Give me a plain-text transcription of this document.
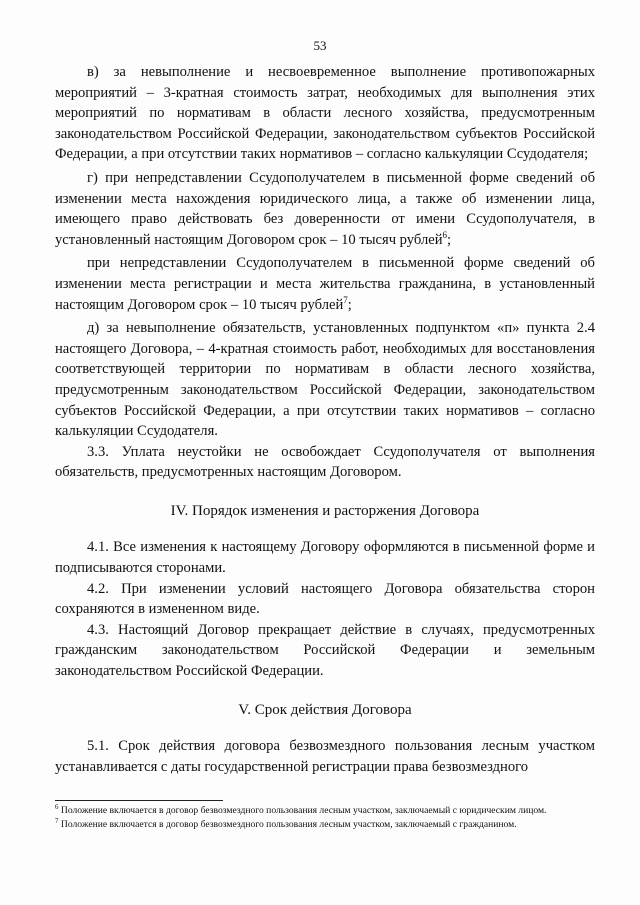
53

в) за невыполнение и несвоевременное выполнение противопожарных мероприятий – 3-кратная стоимость затрат, необходимых для выполнения этих мероприятий по нормативам в области лесного хозяйства, предусмотренным законодательством Российской Федерации, законодательством субъектов Российской Федерации, а при отсутствии таких нормативов – согласно калькуляции Ссудодателя;

г) при непредставлении Ссудополучателем в письменной форме сведений об изменении места нахождения юридического лица, а также об изменении лица, имеющего право действовать без доверенности от имени Ссудополучателя, в установленный настоящим Договором срок – 10 тысяч рублей$^6$;

при непредставлении Ссудополучателем в письменной форме сведений об изменении места регистрации и места жительства гражданина, в установленный настоящим Договором срок – 10 тысяч рублей$^7$;

д) за невыполнение обязательств, установленных подпунктом «п» пункта 2.4 настоящего Договора, – 4-кратная стоимость работ, необходимых для восстановления соответствующей территории по нормативам в области лесного хозяйства, предусмотренным законодательством Российской Федерации, законодательством субъектов Российской Федерации, а при отсутствии таких нормативов – согласно калькуляции Ссудодателя.

3.3. Уплата неустойки не освобождает Ссудополучателя от выполнения обязательств, предусмотренных настоящим Договором.

IV. Порядок изменения и расторжения Договора

4.1. Все изменения к настоящему Договору оформляются в письменной форме и подписываются сторонами.

4.2. При изменении условий настоящего Договора обязательства сторон сохраняются в измененном виде.

4.3. Настоящий Договор прекращает действие в случаях, предусмотренных гражданским законодательством Российской Федерации и земельным законодательством Российской Федерации.

V. Срок действия Договора

5.1. Срок действия договора безвозмездного пользования лесным участком устанавливается с даты государственной регистрации права безвозмездного

$^6$ Положение включается в договор безвозмездного пользования лесным участком, заключаемый с юридическим лицом.

$^7$ Положение включается в договор безвозмездного пользования лесным участком, заключаемый с гражданином.
